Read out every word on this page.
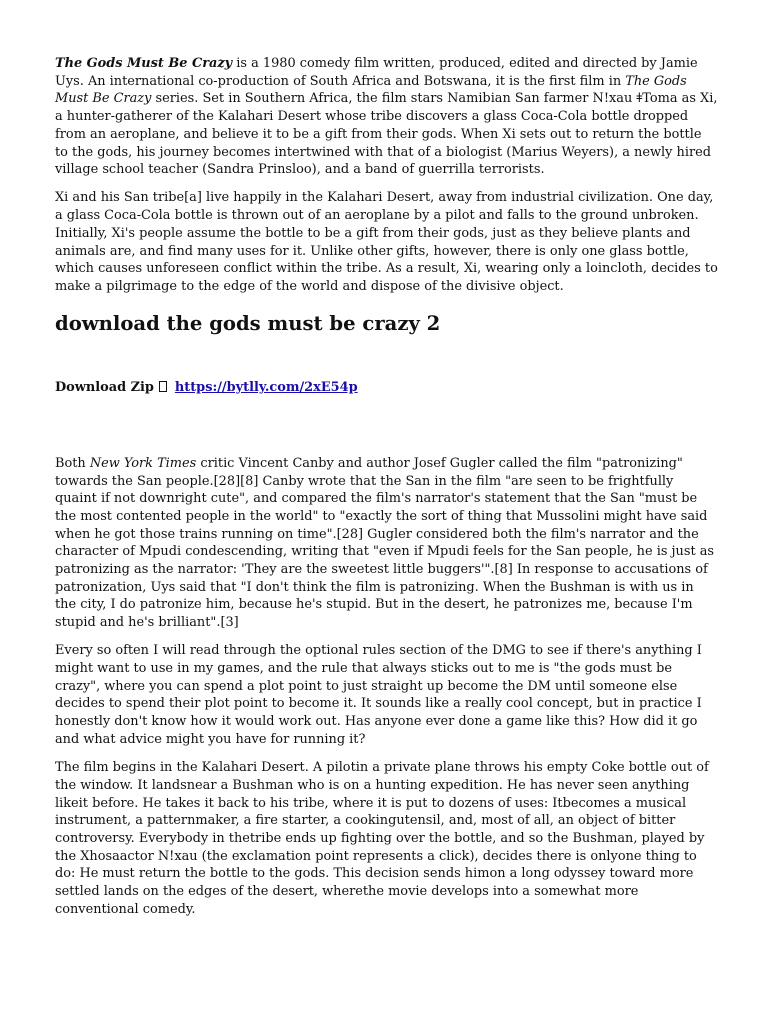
The Gods Must Be Crazy is a 1980 comedy film written, produced, edited and directed by Jamie Uys. An international co-production of South Africa and Botswana, it is the first film in The Gods Must Be Crazy series. Set in Southern Africa, the film stars Namibian San farmer N!xau ǂToma as Xi, a hunter-gatherer of the Kalahari Desert whose tribe discovers a glass Coca-Cola bottle dropped from an aeroplane, and believe it to be a gift from their gods. When Xi sets out to return the bottle to the gods, his journey becomes intertwined with that of a biologist (Marius Weyers), a newly hired village school teacher (Sandra Prinsloo), and a band of guerrilla terrorists.

Xi and his San tribe[a] live happily in the Kalahari Desert, away from industrial civilization. One day, a glass Coca-Cola bottle is thrown out of an aeroplane by a pilot and falls to the ground unbroken. Initially, Xi's people assume the bottle to be a gift from their gods, just as they believe plants and animals are, and find many uses for it. Unlike other gifts, however, there is only one glass bottle, which causes unforeseen conflict within the tribe. As a result, Xi, wearing only a loincloth, decides to make a pilgrimage to the edge of the world and dispose of the divisive object.

download the gods must be crazy 2
Download Zip  https://bytlly.com/2xE54p

Both New York Times critic Vincent Canby and author Josef Gugler called the film "patronizing" towards the San people.[28][8] Canby wrote that the San in the film "are seen to be frightfully quaint if not downright cute", and compared the film's narrator's statement that the San "must be the most contented people in the world" to "exactly the sort of thing that Mussolini might have said when he got those trains running on time".[28] Gugler considered both the film's narrator and the character of Mpudi condescending, writing that "even if Mpudi feels for the San people, he is just as patronizing as the narrator: 'They are the sweetest little buggers'".[8] In response to accusations of patronization, Uys said that "I don't think the film is patronizing. When the Bushman is with us in the city, I do patronize him, because he's stupid. But in the desert, he patronizes me, because I'm stupid and he's brilliant".[3]

Every so often I will read through the optional rules section of the DMG to see if there's anything I might want to use in my games, and the rule that always sticks out to me is "the gods must be crazy", where you can spend a plot point to just straight up become the DM until someone else decides to spend their plot point to become it. It sounds like a really cool concept, but in practice I honestly don't know how it would work out. Has anyone ever done a game like this? How did it go and what advice might you have for running it?

The film begins in the Kalahari Desert. A pilotin a private plane throws his empty Coke bottle out of the window. It landsnear a Bushman who is on a hunting expedition. He has never seen anything likeit before. He takes it back to his tribe, where it is put to dozens of uses: Itbecomes a musical instrument, a patternmaker, a fire starter, a cookingutensil, and, most of all, an object of bitter controversy. Everybody in thetribe ends up fighting over the bottle, and so the Bushman, played by the Xhosaactor N!xau (the exclamation point represents a click), decides there is onlyone thing to do: He must return the bottle to the gods. This decision sends himon a long odyssey toward more settled lands on the edges of the desert, wherethe movie develops into a somewhat more conventional comedy.
